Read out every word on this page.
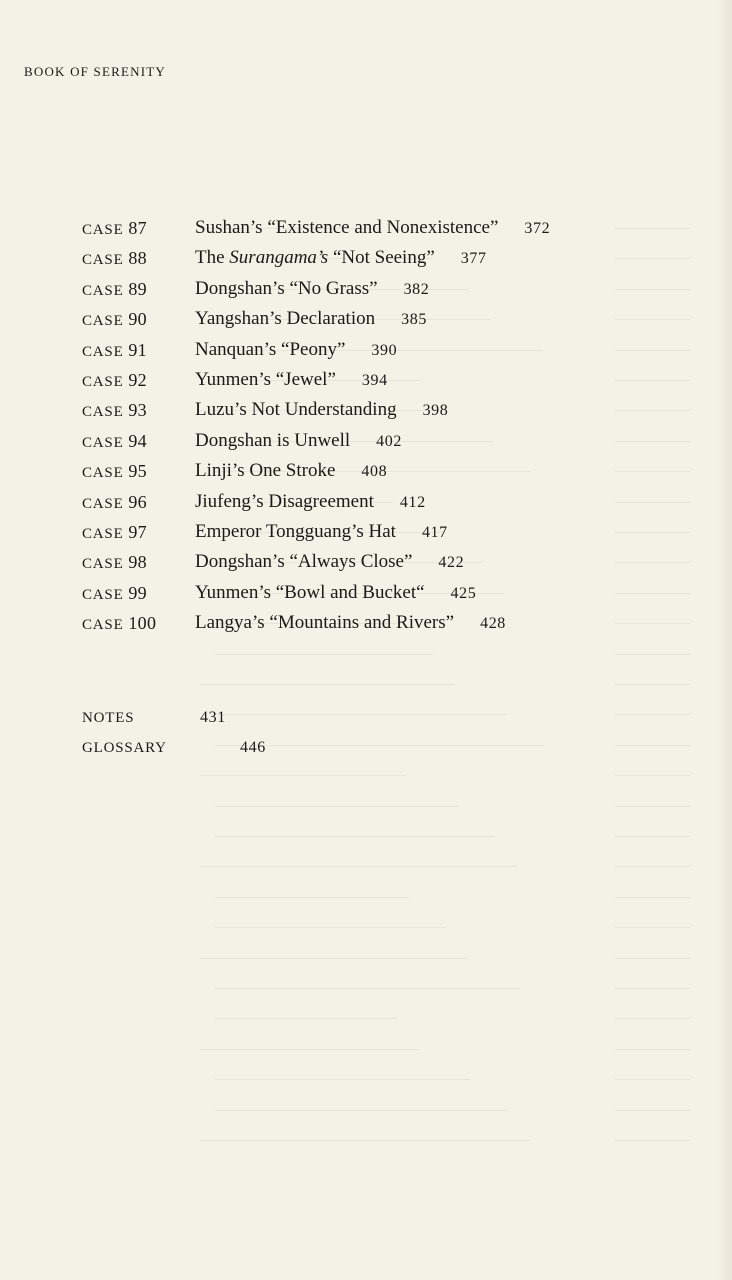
BOOK OF SERENITY
CASE 87	Sushan’s “Existence and Nonexistence” 372
CASE 88	The Surangama’s “Not Seeing” 377
CASE 89	Dongshan’s “No Grass” 382
CASE 90	Yangshan’s Declaration 385
CASE 91	Nanquan’s “Peony” 390
CASE 92	Yunmen’s “Jewel” 394
CASE 93	Luzu’s Not Understanding 398
CASE 94	Dongshan is Unwell 402
CASE 95	Linji’s One Stroke 408
CASE 96	Jiufeng’s Disagreement 412
CASE 97	Emperor Tongguang’s Hat 417
CASE 98	Dongshan’s “Always Close” 422
CASE 99	Yunmen’s “Bowl and Bucket“ 425
CASE 100 Langya’s “Mountains and Rivers” 428
NOTES	431
GLOSSARY	446
